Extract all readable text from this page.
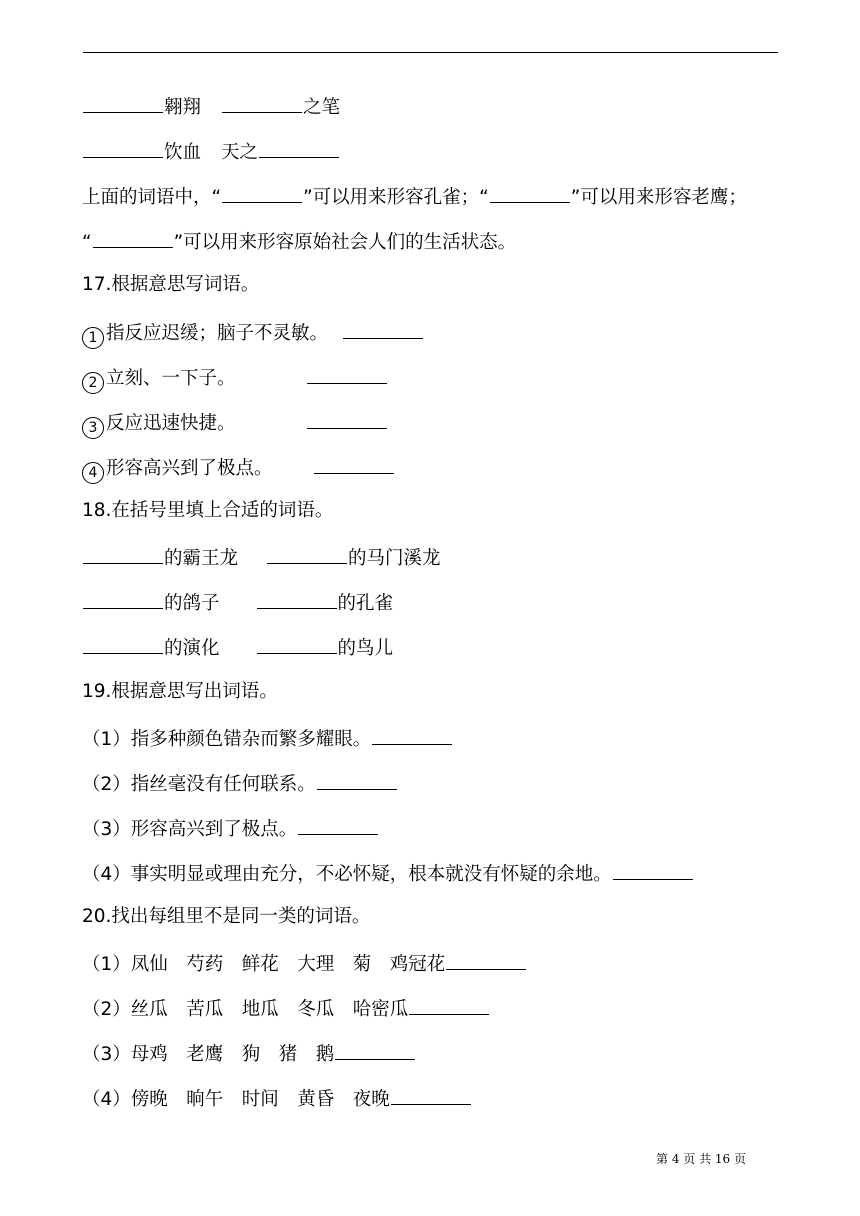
翱翔	之笔
饮血 天之
上面的词语中，“	”可以用来形容孔雀；“	”可以用来形容老鹰；
“	”可以用来形容原始社会人们的生活状态。
17.根据意思写词语。
1 指反应迟缓；脑子不灵敏。
2 立刻、一下子。
3 反应迅速快捷。
4 形容高兴到了极点。
18.在括号里填上合适的词语。
的霸王龙	的马门溪龙
的鸽子	的孔雀
的演化	的鸟儿
19.根据意思写出词语。
（1）指多种颜色错杂而繁多耀眼。
（2）指丝毫没有任何联系。
（3）形容高兴到了极点。
（4）事实明显或理由充分，不必怀疑，根本就没有怀疑的余地。
20.找出每组里不是同一类的词语。
（1）凤仙　芍药　鲜花　大理　菊　鸡冠花
（2）丝瓜　苦瓜　地瓜　冬瓜　哈密瓜
（3）母鸡　老鹰　狗　猪　鹅
（4）傍晚　晌午　时间　黄昏　夜晚
第 4 页 共 16 页
